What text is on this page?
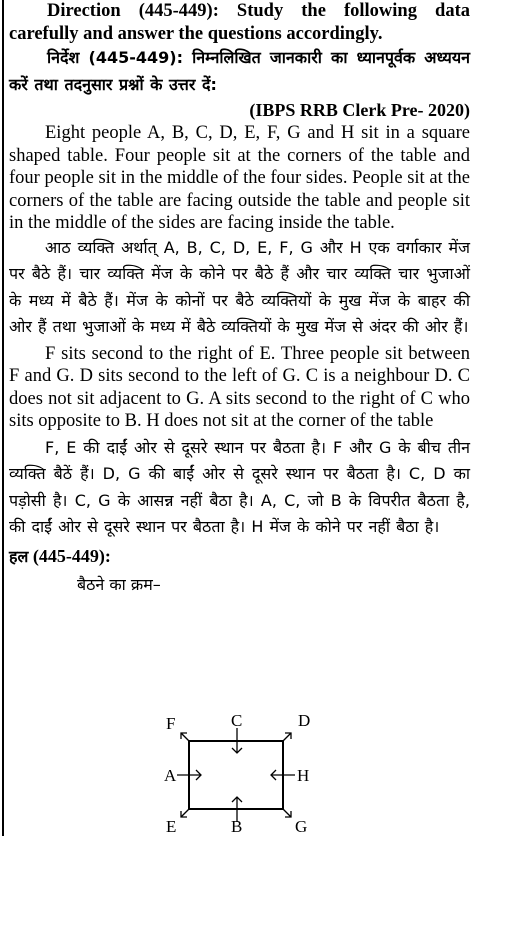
Direction (445-449): Study the following data carefully and answer the questions accordingly.

निर्देश (445-449): निम्नलिखित जानकारी का ध्यानपूर्वक अध्ययन करें तथा तदनुसार प्रश्नों के उत्तर दें:

(IBPS RRB Clerk Pre- 2020)

Eight people A, B, C, D, E, F, G and H sit in a square shaped table. Four people sit at the corners of the table and four people sit in the middle of the four sides. People sit at the corners of the table are facing outside the table and people sit in the middle of the sides are facing inside the table.

आठ व्यक्ति अर्थात् A, B, C, D, E, F, G और H एक वर्गाकार मेंज पर बैठे हैं। चार व्यक्ति मेंज के कोने पर बैठे हैं और चार व्यक्ति चार भुजाओं के मध्य में बैठे हैं। मेंज के कोनों पर बैठे व्यक्तियों के मुख मेंज के बाहर की ओर हैं तथा भुजाओं के मध्य में बैठे व्यक्तियों के मुख मेंज से अंदर की ओर हैं।

F sits second to the right of E. Three people sit between F and G. D sits second to the left of G. C is a neighbour D. C does not sit adjacent to G. A sits second to the right of C who sits opposite to B. H does not sit at the corner of the table

F, E की दाईं ओर से दूसरे स्थान पर बैठता है। F और G के बीच तीन व्यक्ति बैठें हैं। D, G की बाईं ओर से दूसरे स्थान पर बैठता है। C, D का पड़ोसी है। C, G के आसन्न नहीं बैठा है। A, C, जो B के विपरीत बैठता है, की दाईं ओर से दूसरे स्थान पर बैठता है। H मेंज के कोने पर नहीं बैठा है।

हल (445-449):

बैठने का क्रम–

F	C	D
A	H
E	B	G
